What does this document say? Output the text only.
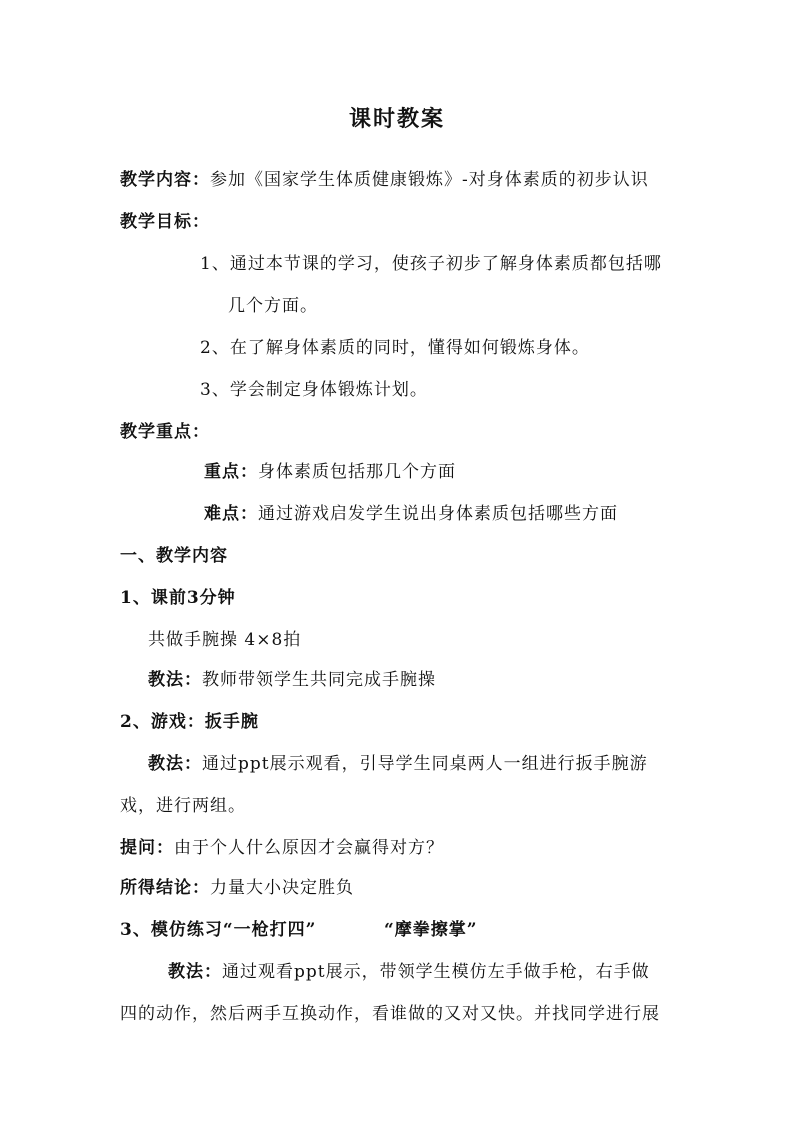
课时教案
教学内容：参加《国家学生体质健康锻炼》-对身体素质的初步认识
教学目标：
1、通过本节课的学习，使孩子初步了解身体素质都包括哪
几个方面。
2、在了解身体素质的同时，懂得如何锻炼身体。
3、学会制定身体锻炼计划。
教学重点：
重点：身体素质包括那几个方面
难点：通过游戏启发学生说出身体素质包括哪些方面
一、教学内容
1、课前3分钟
共做手腕操 4×8拍
教法：教师带领学生共同完成手腕操
2、游戏：扳手腕
教法：通过ppt展示观看，引导学生同桌两人一组进行扳手腕游
戏，进行两组。
提问：由于个人什么原因才会赢得对方？
所得结论：力量大小决定胜负
3、模仿练习“一枪打四”	“摩拳擦掌”
教法：通过观看ppt展示，带领学生模仿左手做手枪，右手做
四的动作，然后两手互换动作，看谁做的又对又快。并找同学进行展
